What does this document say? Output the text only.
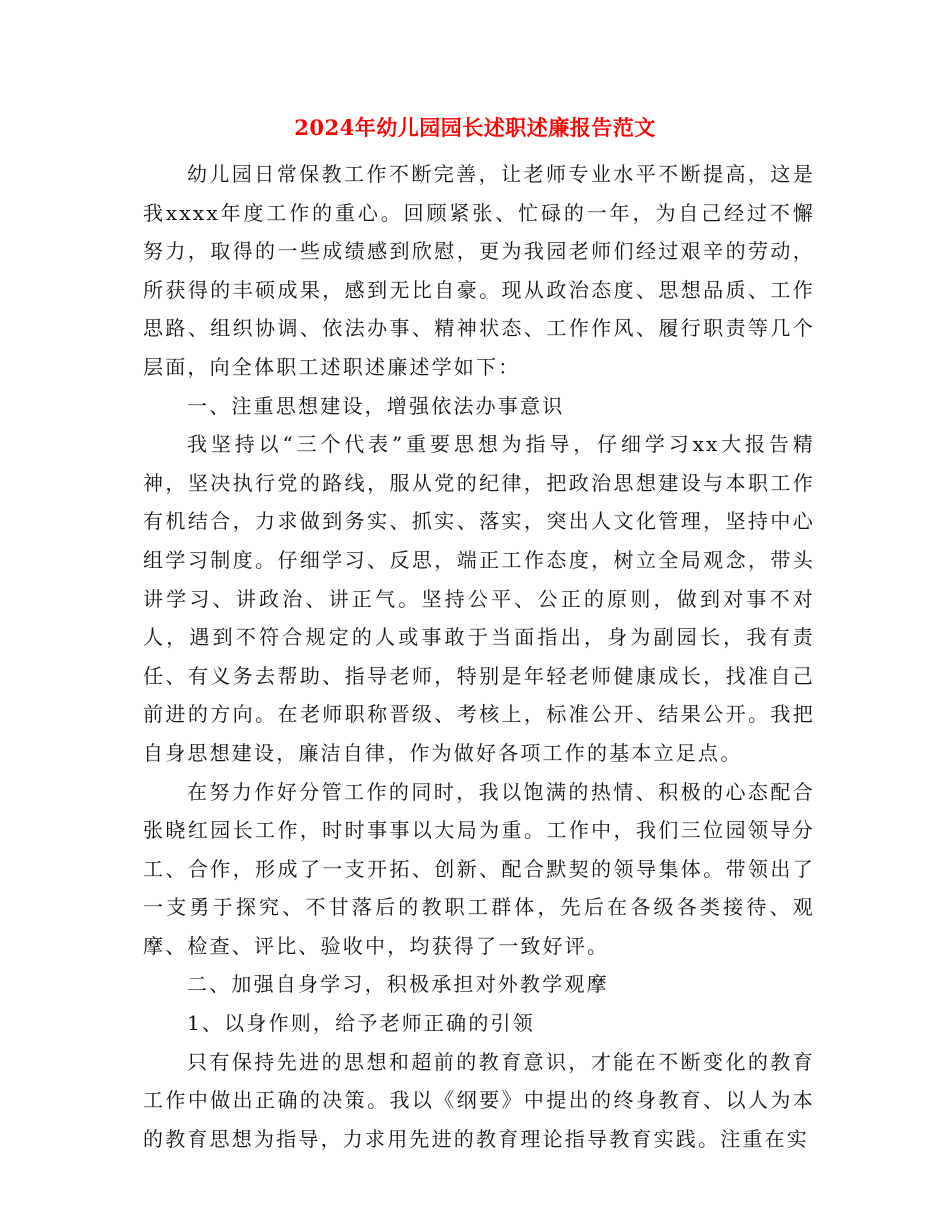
2024年幼儿园园长述职述廉报告范文

幼儿园日常保教工作不断完善，让老师专业水平不断提高，这是我xxxx年度工作的重心。回顾紧张、忙碌的一年，为自己经过不懈努力，取得的一些成绩感到欣慰，更为我园老师们经过艰辛的劳动，所获得的丰硕成果，感到无比自豪。现从政治态度、思想品质、工作思路、组织协调、依法办事、精神状态、工作作风、履行职责等几个层面，向全体职工述职述廉述学如下：

一、注重思想建设，增强依法办事意识

我坚持以“三个代表”重要思想为指导，仔细学习xx大报告精神，坚决执行党的路线，服从党的纪律，把政治思想建设与本职工作有机结合，力求做到务实、抓实、落实，突出人文化管理，坚持中心组学习制度。仔细学习、反思，端正工作态度，树立全局观念，带头讲学习、讲政治、讲正气。坚持公平、公正的原则，做到对事不对人，遇到不符合规定的人或事敢于当面指出，身为副园长，我有责任、有义务去帮助、指导老师，特别是年轻老师健康成长，找准自己前进的方向。在老师职称晋级、考核上，标准公开、结果公开。我把自身思想建设，廉洁自律，作为做好各项工作的基本立足点。

在努力作好分管工作的同时，我以饱满的热情、积极的心态配合张晓红园长工作，时时事事以大局为重。工作中，我们三位园领导分工、合作，形成了一支开拓、创新、配合默契的领导集体。带领出了一支勇于探究、不甘落后的教职工群体，先后在各级各类接待、观摩、检查、评比、验收中，均获得了一致好评。

二、加强自身学习，积极承担对外教学观摩

1、以身作则，给予老师正确的引领

只有保持先进的思想和超前的教育意识，才能在不断变化的教育工作中做出正确的决策。我以《纲要》中提出的终身教育、以人为本的教育思想为指导，力求用先进的教育理论指导教育实践。注重在实
